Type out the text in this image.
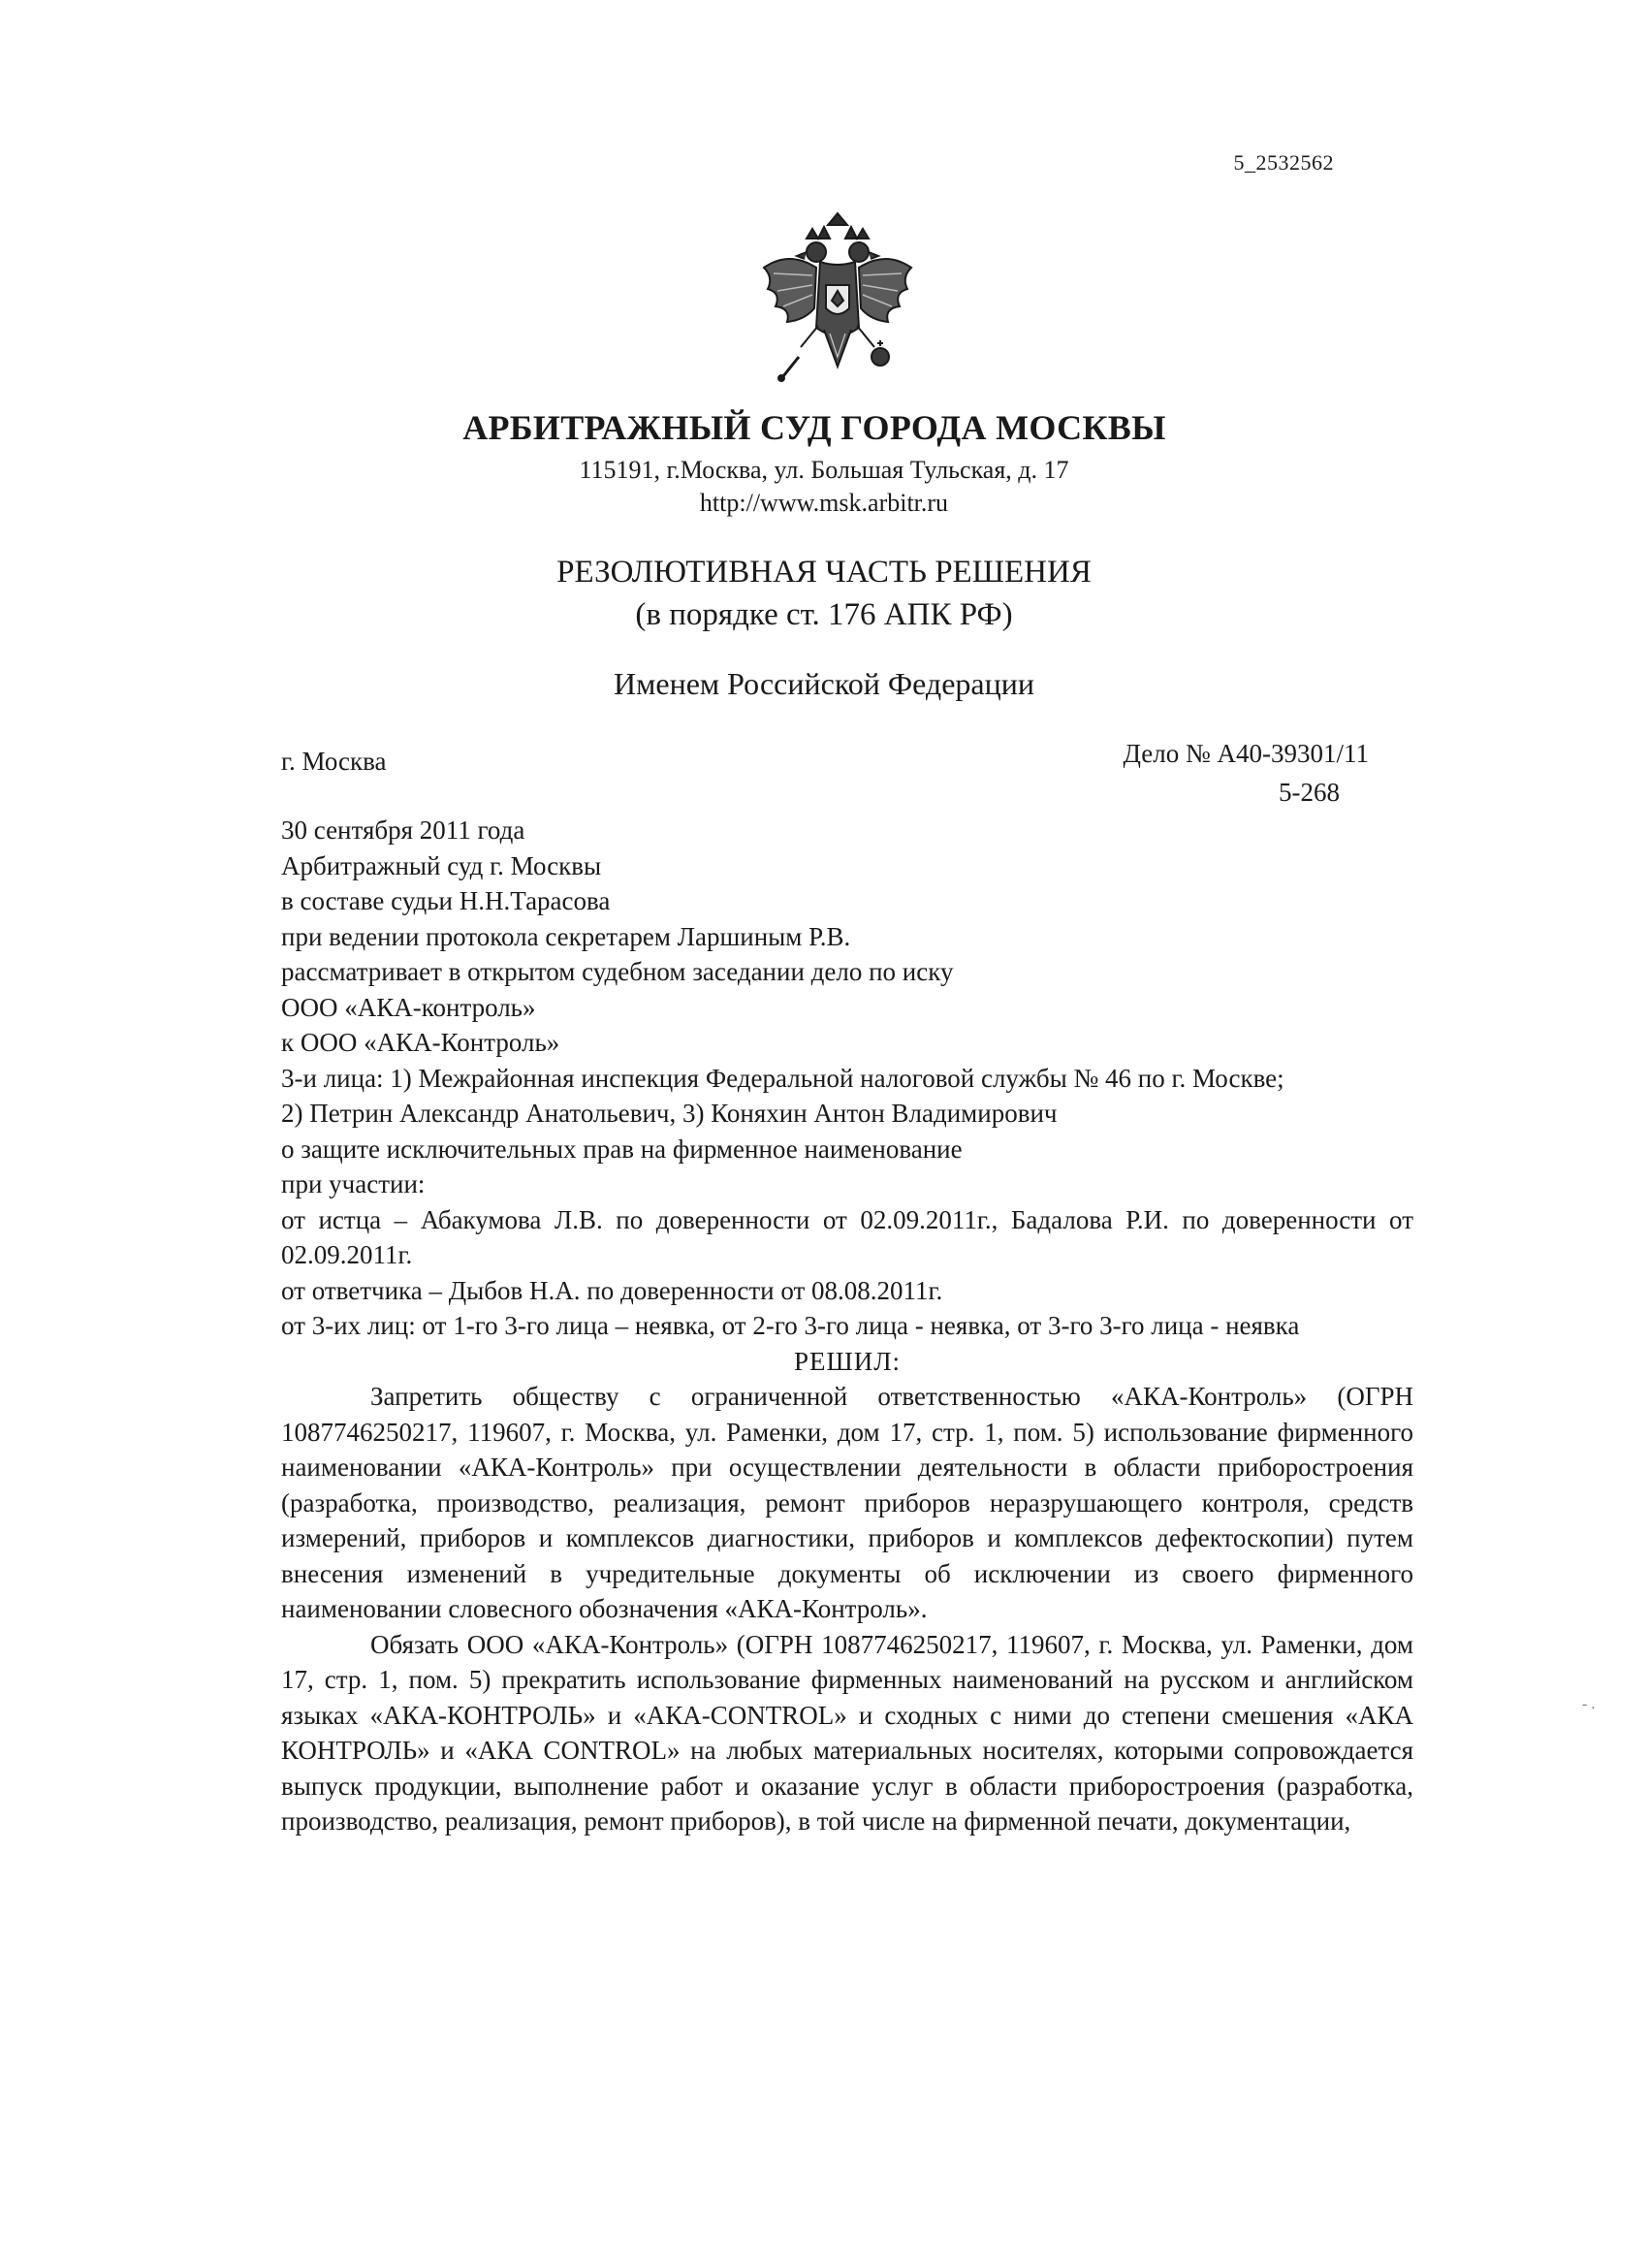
5_2532562
АРБИТРАЖНЫЙ СУД ГОРОДА МОСКВЫ
115191, г.Москва, ул. Большая Тульская, д. 17
http://www.msk.arbitr.ru
РЕЗОЛЮТИВНАЯ ЧАСТЬ РЕШЕНИЯ
(в порядке ст. 176 АПК РФ)
Именем Российской Федерации
г. Москва	Дело № А40-39301/11
5-268
30 сентября 2011 года
Арбитражный суд г. Москвы
в составе судьи Н.Н.Тарасова
при ведении протокола секретарем Ларшиным Р.В.
рассматривает в открытом судебном заседании дело по иску
ООО «АКА-контроль»
к ООО «АКА-Контроль»
3-и лица: 1) Межрайонная инспекция Федеральной налоговой службы № 46 по г. Москве;
2) Петрин Александр Анатольевич, 3) Коняхин Антон Владимирович
о защите исключительных прав на фирменное наименование
при участии:
от истца – Абакумова Л.В. по доверенности от 02.09.2011г., Бадалова Р.И. по доверенности от 02.09.2011г.
от ответчика – Дыбов Н.А. по доверенности от 08.08.2011г.
от 3-их лиц: от 1-го 3-го лица – неявка, от 2-го 3-го лица - неявка, от 3-го 3-го лица - неявка
РЕШИЛ:

Запретить обществу с ограниченной ответственностью «АКА-Контроль» (ОГРН 1087746250217, 119607, г. Москва, ул. Раменки, дом 17, стр. 1, пом. 5) использование фирменного наименовании «АКА-Контроль» при осуществлении деятельности в области приборостроения (разработка, производство, реализация, ремонт приборов неразрушающего контроля, средств измерений, приборов и комплексов диагностики, приборов и комплексов дефектоскопии) путем внесения изменений в учредительные документы об исключении из своего фирменного наименовании словесного обозначения «АКА-Контроль».

Обязать ООО «АКА-Контроль» (ОГРН 1087746250217, 119607, г. Москва, ул. Раменки, дом 17, стр. 1, пом. 5) прекратить использование фирменных наименований на русском и английском языках «АКА-КОНТРОЛЬ» и «АКА-CONTROL» и сходных с ними до степени смешения «АКА КОНТРОЛЬ» и «АКА CONTROL» на любых материальных носителях, которыми сопровождается выпуск продукции, выполнение работ и оказание услуг в области приборостроения (разработка, производство, реализация, ремонт приборов), в той числе на фирменной печати, документации,

- .
